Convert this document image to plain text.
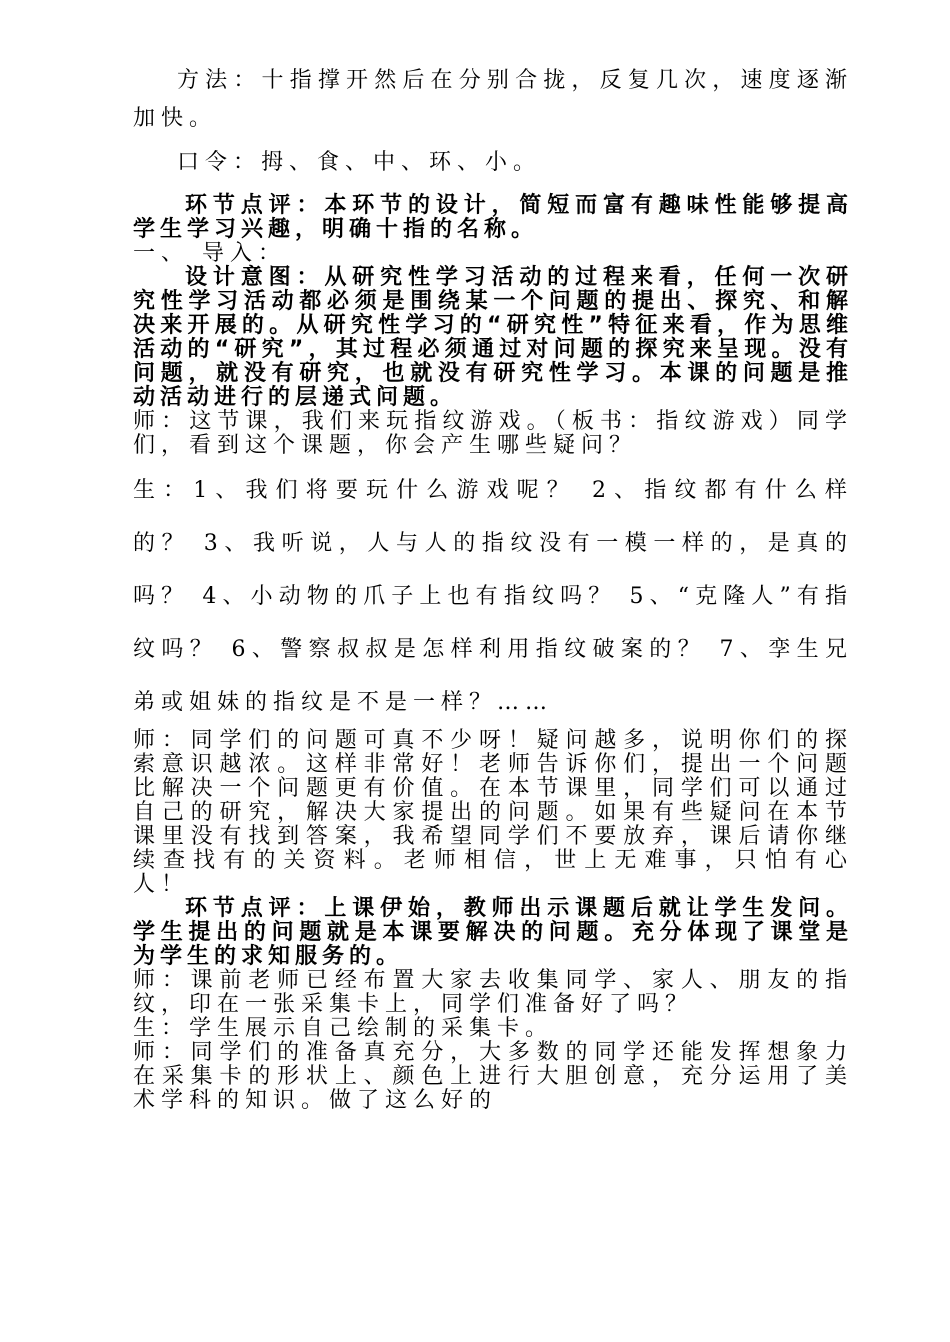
方法：十指撑开然后在分别合拢，反复几次，速度逐渐加快。

口令：拇、食、中、环、小。

环节点评：本环节的设计，简短而富有趣味性能够提高学生学习兴趣，明确十指的名称。

一、 导入：

设计意图：从研究性学习活动的过程来看，任何一次研究性学习活动都必须是围绕某一个问题的提出、探究、和解决来开展的。从研究性学习的“研究性”特征来看，作为思维活动的“研究”，其过程必须通过对问题的探究来呈现。没有问题，就没有研究，也就没有研究性学习。本课的问题是推动活动进行的层递式问题。

师：这节课，我们来玩指纹游戏。（板书：指纹游戏）同学们，看到这个课题，你会产生哪些疑问？

生：1、我们将要玩什么游戏呢？ 2、指纹都有什么样的？ 3、我听说，人与人的指纹没有一模一样的，是真的吗？ 4、小动物的爪子上也有指纹吗？ 5、“克隆人”有指纹吗？ 6、警察叔叔是怎样利用指纹破案的？ 7、孪生兄弟或姐妹的指纹是不是一样？……

师：同学们的问题可真不少呀！疑问越多，说明你们的探索意识越浓。这样非常好！老师告诉你们，提出一个问题比解决一个问题更有价值。在本节课里，同学们可以通过自己的研究，解决大家提出的问题。如果有些疑问在本节课里没有找到答案，我希望同学们不要放弃，课后请你继续查找有的关资料。老师相信，世上无难事，只怕有心人！

环节点评：上课伊始，教师出示课题后就让学生发问。学生提出的问题就是本课要解决的问题。充分体现了课堂是为学生的求知服务的。

师：课前老师已经布置大家去收集同学、家人、朋友的指纹，印在一张采集卡上，同学们准备好了吗？

生：学生展示自己绘制的采集卡。

师：同学们的准备真充分，大多数的同学还能发挥想象力在采集卡的形状上、颜色上进行大胆创意，充分运用了美术学科的知识。做了这么好的
